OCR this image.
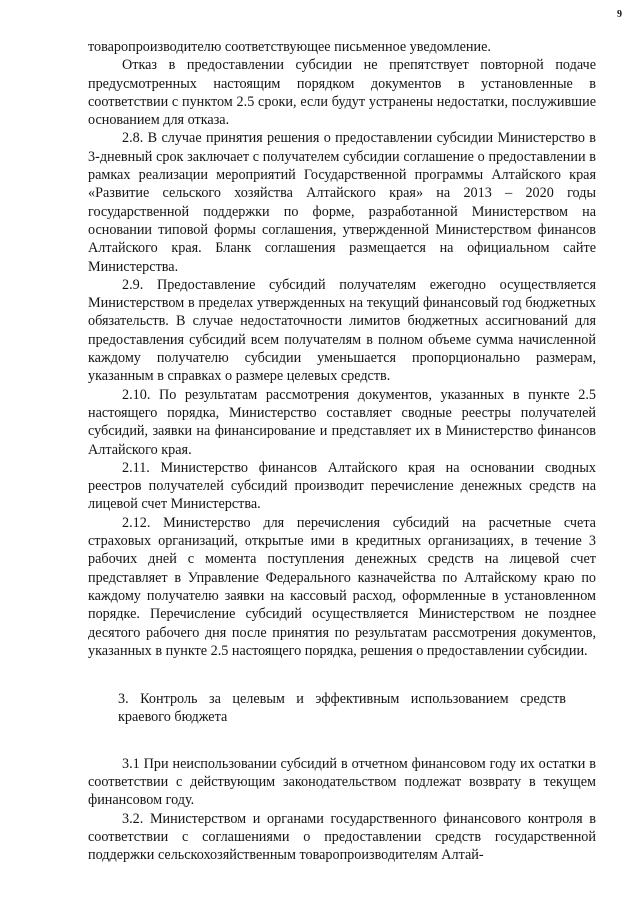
9

товаропроизводителю соответствующее письменное уведомление.

Отказ в предоставлении субсидии не препятствует повторной подаче предусмотренных настоящим порядком документов в установленные в соответствии с пунктом 2.5 сроки, если будут устранены недостатки, послужившие основанием для отказа.

2.8. В случае принятия решения о предоставлении субсидии Министерство в 3-дневный срок заключает с получателем субсидии соглашение о предоставлении в рамках реализации мероприятий Государственной программы Алтайского края «Развитие сельского хозяйства Алтайского края» на 2013 – 2020 годы государственной поддержки по форме, разработанной Министерством на основании типовой формы соглашения, утвержденной Министерством финансов Алтайского края. Бланк соглашения размещается на официальном сайте Министерства.

2.9. Предоставление субсидий получателям ежегодно осуществляется Министерством в пределах утвержденных на текущий финансовый год бюджетных обязательств. В случае недостаточности лимитов бюджетных ассигнований для предоставления субсидий всем получателям в полном объеме сумма начисленной каждому получателю субсидии уменьшается пропорционально размерам, указанным в справках о размере целевых средств.

2.10. По результатам рассмотрения документов, указанных в пункте 2.5 настоящего порядка, Министерство составляет сводные реестры получателей субсидий, заявки на финансирование и представляет их в Министерство финансов Алтайского края.

2.11. Министерство финансов Алтайского края на основании сводных реестров получателей субсидий производит перечисление денежных средств на лицевой счет Министерства.

2.12. Министерство для перечисления субсидий на расчетные счета страховых организаций, открытые ими в кредитных организациях, в течение 3 рабочих дней с момента поступления денежных средств на лицевой счет представляет в Управление Федерального казначейства по Алтайскому краю по каждому получателю заявки на кассовый расход, оформленные в установленном порядке. Перечисление субсидий осуществляется Министерством не позднее десятого рабочего дня после принятия по результатам рассмотрения документов, указанных в пункте 2.5 настоящего порядка, решения о предоставлении субсидии.

3. Контроль за целевым и эффективным использованием средств краевого бюджета

3.1 При неиспользовании субсидий в отчетном финансовом году их остатки в соответствии с действующим законодательством подлежат возврату в текущем финансовом году.

3.2. Министерством и органами государственного финансового контроля в соответствии с соглашениями о предоставлении средств государственной поддержки сельскохозяйственным товаропроизводителям Алтай-
